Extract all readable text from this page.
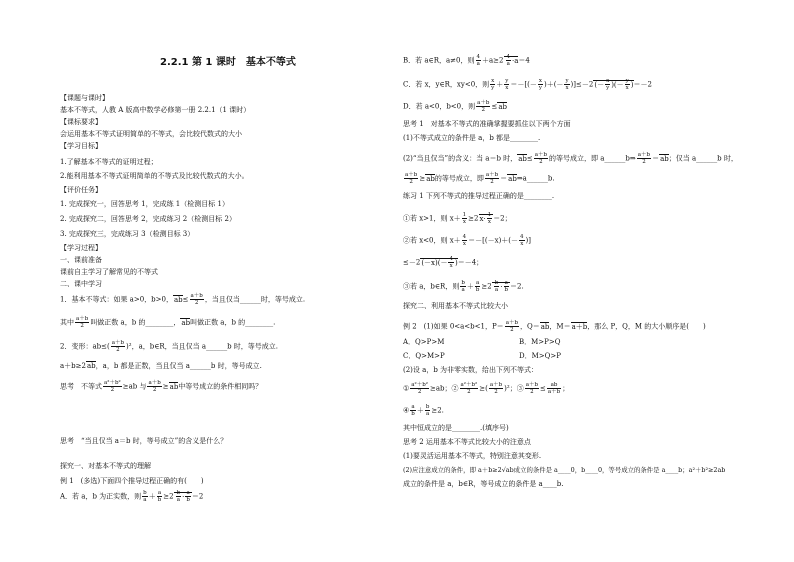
2.2.1 第 1 课时　基本不等式
【课题与课时】
基本不等式，人教 A 版高中数学必修第一册 2.2.1（1 课时）
【课标要求】
会运用基本不等式证明简单的不等式，会比较代数式的大小
【学习目标】
1.了解基本不等式的证明过程；
2.能利用基本不等式证明简单的不等式及比较代数式的大小。
【评价任务】
1. 完成探究一，回答思考 1，完成练 1（检测目标 1）
2. 完成探究二，回答思考 2，完成练习 2（检测目标 2）
3. 完成探究三，完成练习 3（检测目标 3）
【学习过程】
一、课前准备
课前自主学习了解常见的不等式
二、课中学习
1．基本不等式：如果 a>0，b>0，$ab\le \frac{a+b}{2}$ ，当且仅当______时，等号成立.
其中 $\frac{a+b}{2}$ 叫做正数 a，b 的________，ab叫做正数 a，b 的________.
2．变形：$ab\le( \frac{a+b}{2} )^2$，a，b∈R，当且仅当 a______b 时，等号成立.
a＋b≥2ab，a，b 都是正数，当且仅当 a______b 时，等号成立.
思考　不等式 $\frac{\text{a²＋b²}}{2} \ge ab$ 与 $\frac{a+b}{2} \ge ab$中等号成立的条件相同吗？
思考　“当且仅当 a＝b 时，等号成立”的含义是什么？
探究一、对基本不等式的理解
例 1　(多选)下面四个推导过程正确的有(　　)
A．若 a，b 为正实数，则 $\frac{b}{a} + \frac{a}{b} \ge 2 \frac{b}{a} \cdot \frac{a}{b} =2$
B．若 a∈R，a≠0，则 $\frac{4}{a} +a\ge 2 \frac{4}{a} \cdot a=4$
C．若 x，y∈R，xy<0，则 $\frac{x}{y} + \frac{y}{x}$ ＝－[(－ $\frac{x}{y}$ )＋(－ $\frac{y}{x} )]\le-2(- \frac{x}{y}$ )(－ $\frac{y}{x} )=-2$
D．若 a<0，b<0，则 $\frac{a+b}{2} \le ab$
思考 1　对基本不等式的准确掌握要抓住以下两个方面
(1)不等式成立的条件是 a，b 都是________.
(2)“当且仅当”的含义：当 a＝b 时，$ab\le \frac{a+b}{2}$ 的等号成立，即 a______b⇒ $\frac{a+b}{2} =ab$；仅当 a______b 时，
$\frac{a+b}{2} \ge ab$的等号成立，即 $\frac{a+b}{2}$ ＝ab⇒a______b.
练习 1 下列不等式的推导过程正确的是________.
①若 x>1，则 $x+ \frac{1}{x} \ge 2x\cdot \frac{1}{x} =2$；
②若 x<0，则 $x+ \frac{4}{x} =-[(-x)+(- \frac{4}{x}$ )]
$\le-2(-x)(- \frac{4}{x} )=-4$；
③若 a，b∈R，则 $\frac{b}{a} + \frac{a}{b} \ge 2 \frac{b}{a} \cdot \frac{a}{b} =2$.
探究二、利用基本不等式比较大小
例 2　(1)如果 0<a<b<1，$P= \frac{a+b}{2}$ ，Q＝ab，M＝a＋b，那么 P，Q，M 的大小顺序是(　　)
A．Q>P>M	B．M>P>Q
C．Q>M>P	D．M>Q>P
(2)设 a，b 为非零实数，给出下列不等式：
① $\frac{\text{a²＋b²}}{2} \ge ab$；② $\frac{\text{a²＋b²}}{2}$ ≥( $\frac{a+b}{2} )^2$；③ $\frac{a+b}{2} \le \frac{ab}{a+b}$ ；
④ $\frac{a}{b} + \frac{b}{a} \ge 2$.
其中恒成立的是________.(填序号)
思考 2 运用基本不等式比较大小的注意点
(1)要灵活运用基本不等式，特别注意其变形.
(2)应注意成立的条件，即 a＋b≥2√ab成立的条件是 a____0，b____0，等号成立的条件是 a____b；a²＋b²≥2ab
成立的条件是 a，b∈R，等号成立的条件是 a____b.
